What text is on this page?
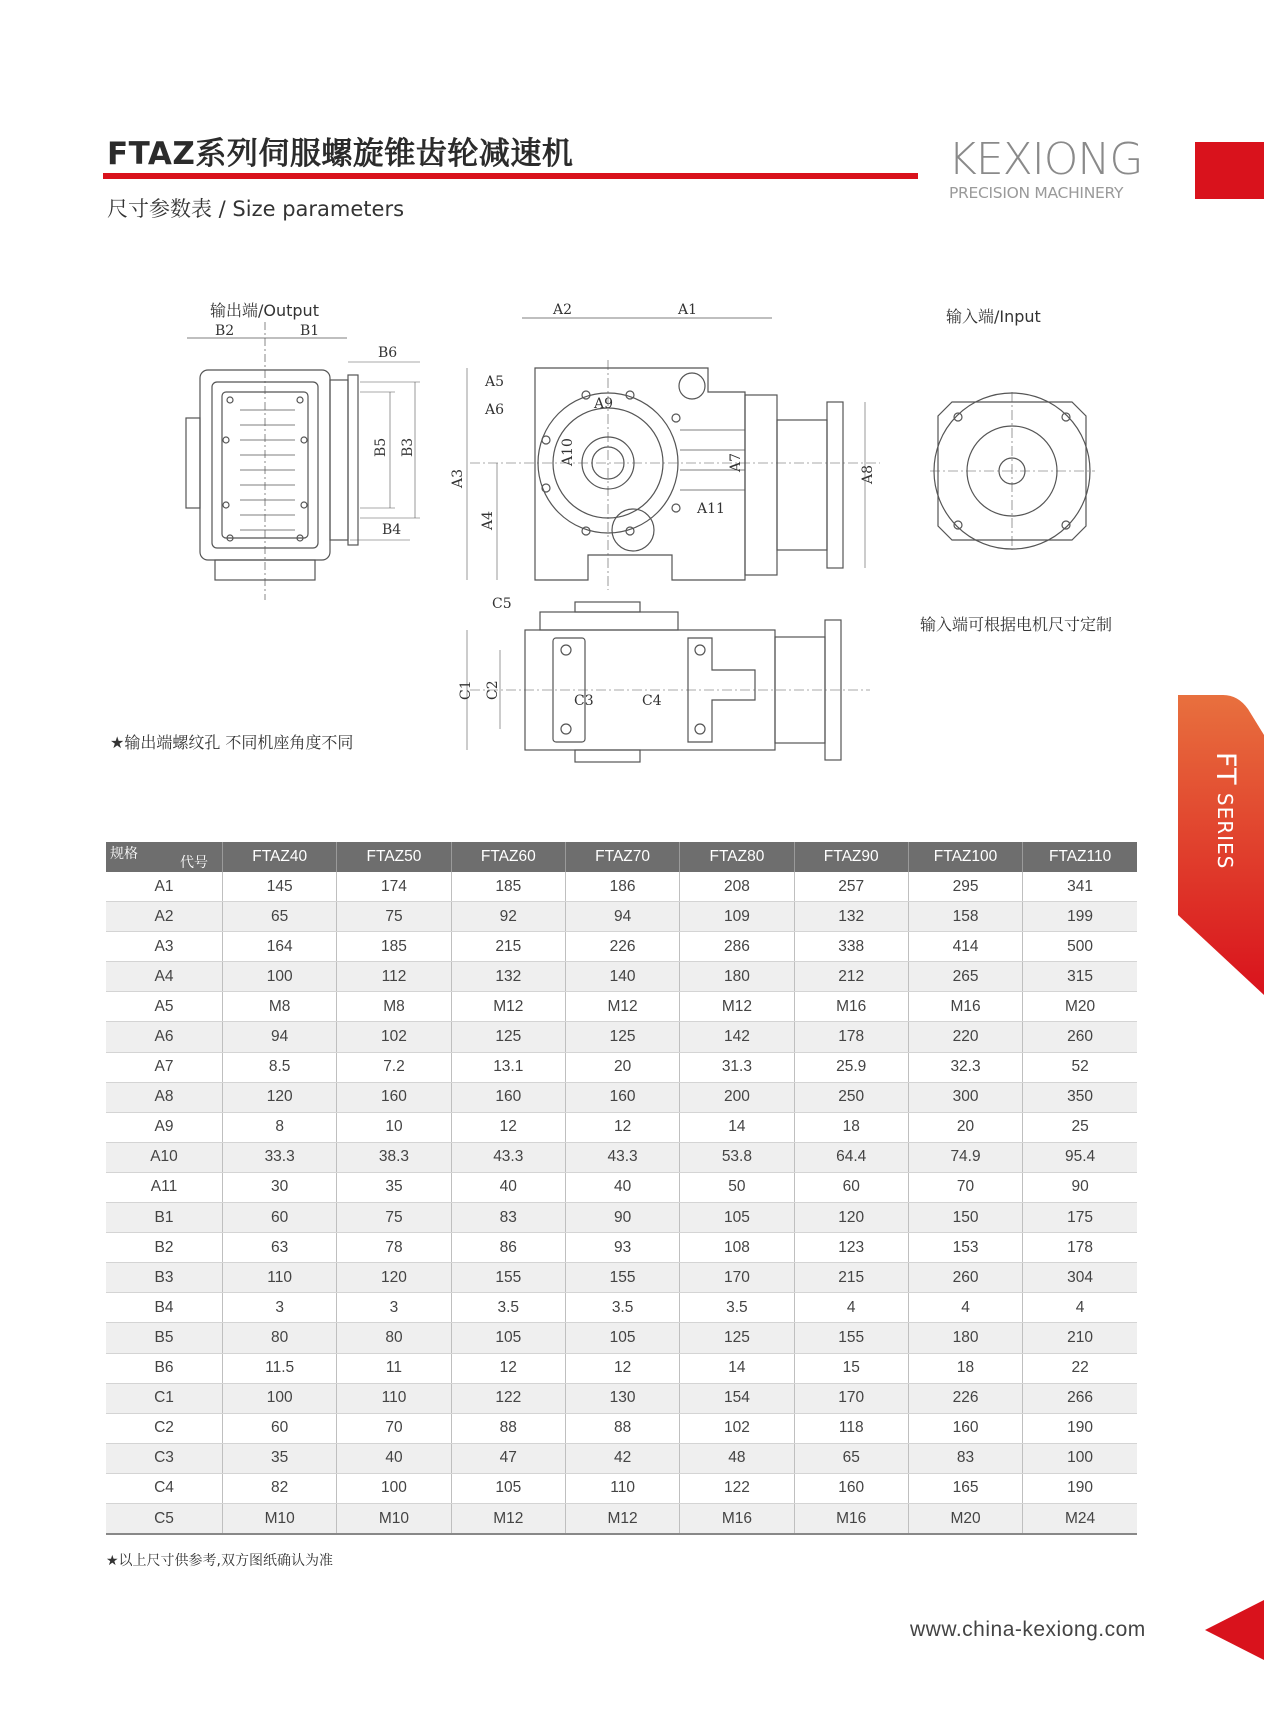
FTAZ系列伺服螺旋锥齿轮减速机
尺寸参数表 / Size parameters
KEXIONG
PRECISION MACHINERY
FT SERIES
输出端/Output
B2	B1
B6
B5 B3
B4
A2	A1
A5
A6	A9
A10	A7
A8
A11
A3
A4
C5
C1 C2
C3	C4
输入端/Input
输入端可根据电机尺寸定制
★输出端螺纹孔 不同机座角度不同
规格
代号	FTAZ40	FTAZ50	FTAZ60	FTAZ70	FTAZ80	FTAZ90	FTAZ100	FTAZ110
A1	145	174	185	186	208	257	295	341
A2	65	75	92	94	109	132	158	199
A3	164	185	215	226	286	338	414	500
A4	100	112	132	140	180	212	265	315
A5	M8	M8	M12	M12	M12	M16	M16	M20
A6	94	102	125	125	142	178	220	260
A7	8.5	7.2	13.1	20	31.3	25.9	32.3	52
A8	120	160	160	160	200	250	300	350
A9	8	10	12	12	14	18	20	25
A10	33.3	38.3	43.3	43.3	53.8	64.4	74.9	95.4
A11	30	35	40	40	50	60	70	90
B1	60	75	83	90	105	120	150	175
B2	63	78	86	93	108	123	153	178
B3	110	120	155	155	170	215	260	304
B4	3	3	3.5	3.5	3.5	4	4	4
B5	80	80	105	105	125	155	180	210
B6	11.5	11	12	12	14	15	18	22
C1	100	110	122	130	154	170	226	266
C2	60	70	88	88	102	118	160	190
C3	35	40	47	42	48	65	83	100
C4	82	100	105	110	122	160	165	190
C5	M10	M10	M12	M12	M16	M16	M20	M24
★以上尺寸供参考,双方图纸确认为准
www.china-kexiong.com
